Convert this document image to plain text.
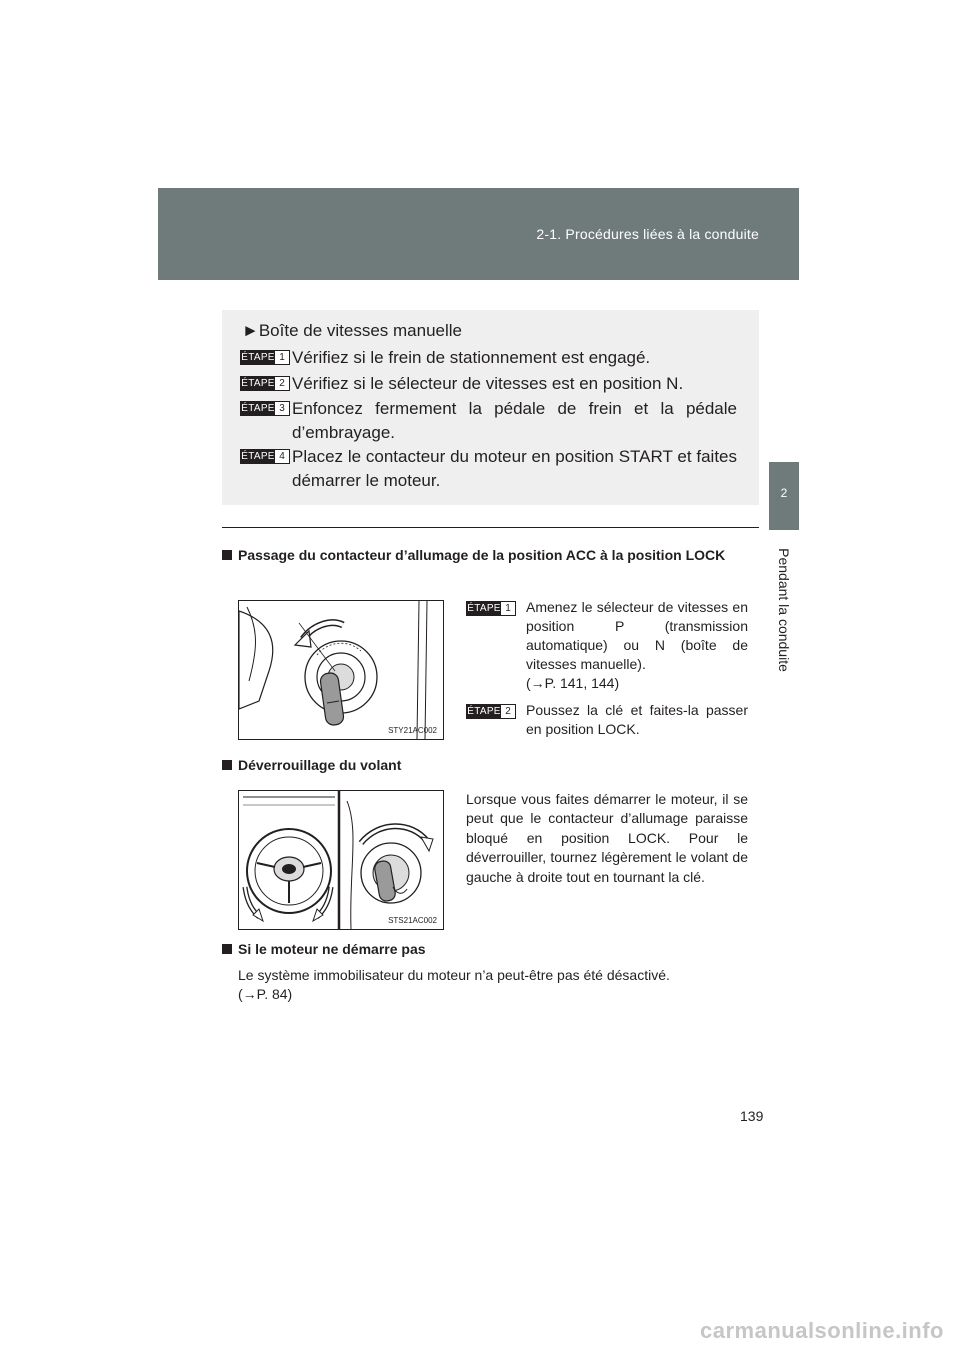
2-1. Procédures liées à la conduite
2
Pendant la conduite
►Boîte de vitesses manuelle
ÉTAPE 1 Vérifiez si le frein de stationnement est engagé.
ÉTAPE 2 Vérifiez si le sélecteur de vitesses est en position N.
ÉTAPE 3 Enfoncez fermement la pédale de frein et la pédale d’embrayage.
ÉTAPE 4 Placez le contacteur du moteur en position START et faites démarrer le moteur.
Passage du contacteur d’allumage de la position ACC à la position LOCK
STY21AC002
ÉTAPE 1	Amenez le sélecteur de vitesses en position P (transmission automatique) ou N (boîte de vitesses manuelle).
(→P. 141, 144)
ÉTAPE 2	Poussez la clé et faites-la passer en position LOCK.
Déverrouillage du volant
STS21AC002
Lorsque vous faites démarrer le moteur, il se peut que le contacteur d’allumage paraisse bloqué en position LOCK. Pour le déverrouiller, tournez légèrement le volant de gauche à droite tout en tournant la clé.
Si le moteur ne démarre pas
Le système immobilisateur du moteur n’a peut-être pas été désactivé.
(→P. 84)
139
carmanualsonline.info
